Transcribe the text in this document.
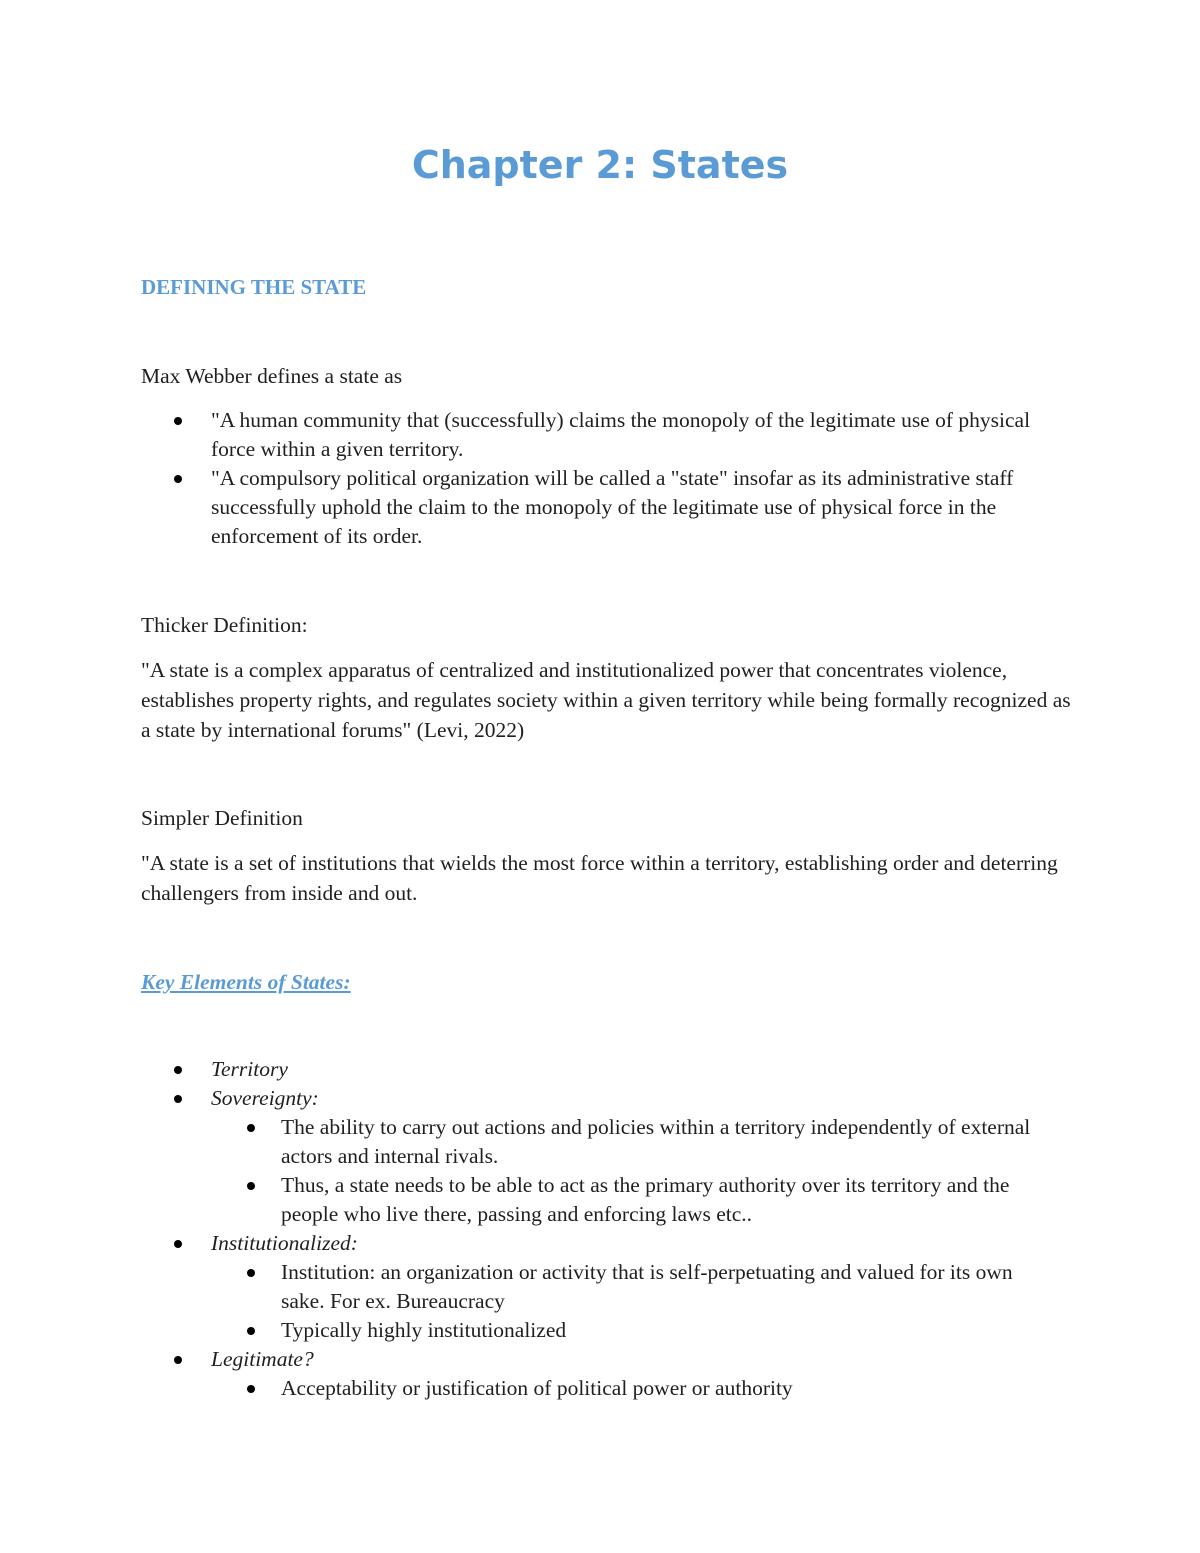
Chapter 2: States
DEFINING THE STATE

Max Webber defines a state as

"A human community that (successfully) claims the monopoly of the legitimate use of physical force within a given territory.
"A compulsory political organization will be called a "state" insofar as its administrative staff successfully uphold the claim to the monopoly of the legitimate use of physical force in the enforcement of its order.

Thicker Definition:

"A state is a complex apparatus of centralized and institutionalized power that concentrates violence, establishes property rights, and regulates society within a given territory while being formally recognized as a state by international forums" (Levi, 2022)

Simpler Definition

"A state is a set of institutions that wields the most force within a territory, establishing order and deterring challengers from inside and out.

Key Elements of States:

Territory
Sovereignty:
The ability to carry out actions and policies within a territory independently of external actors and internal rivals.
Thus, a state needs to be able to act as the primary authority over its territory and the people who live there, passing and enforcing laws etc..
Institutionalized:
Institution: an organization or activity that is self-perpetuating and valued for its own sake. For ex. Bureaucracy
Typically highly institutionalized
Legitimate?
Acceptability or justification of political power or authority
